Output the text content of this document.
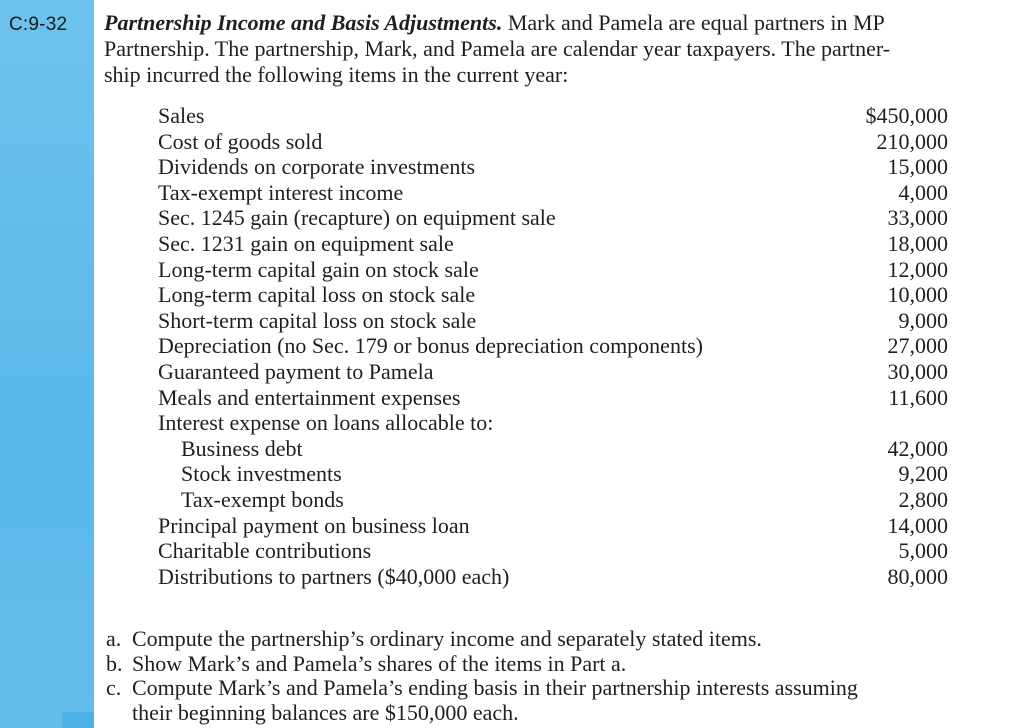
C:9-32 Partnership Income and Basis Adjustments. Mark and Pamela are equal partners in MP
Partnership. The partnership, Mark, and Pamela are calendar year taxpayers. The partner-
ship incurred the following items in the current year:
Sales	$450,000
Cost of goods sold	210,000
Dividends on corporate investments	15,000
Tax-exempt interest income	4,000
Sec. 1245 gain (recapture) on equipment sale	33,000
Sec. 1231 gain on equipment sale	18,000
Long-term capital gain on stock sale	12,000
Long-term capital loss on stock sale	10,000
Short-term capital loss on stock sale	9,000
Depreciation (no Sec. 179 or bonus depreciation components)	27,000
Guaranteed payment to Pamela	30,000
Meals and entertainment expenses	11,600
Interest expense on loans allocable to:
Business debt	42,000
Stock investments	9,200
Tax-exempt bonds	2,800
Principal payment on business loan	14,000
Charitable contributions	5,000
Distributions to partners ($40,000 each)	80,000
a. Compute the partnership’s ordinary income and separately stated items.
b. Show Mark’s and Pamela’s shares of the items in Part a.
c. Compute Mark’s and Pamela’s ending basis in their partnership interests assuming
their beginning balances are $150,000 each.
